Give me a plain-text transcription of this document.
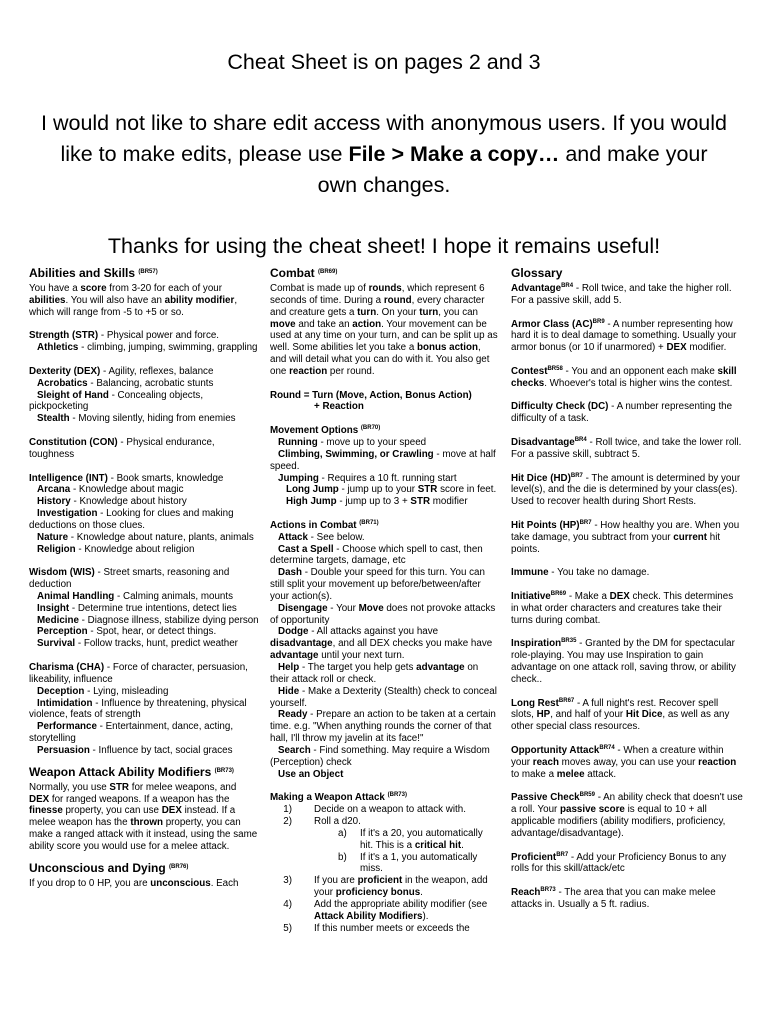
Cheat Sheet is on pages 2 and 3
I would not like to share edit access with anonymous users. If you would
like to make edits, please use File > Make a copy… and make your
own changes.
Thanks for using the cheat sheet! I hope it remains useful!
Abilities and Skills $^{(BR57)}$

You have a score from 3-20 for each of your abilities. You will also have an ability modifier, which will range from -5 to +5 or so.

Strength (STR) - Physical power and force.

Athletics - climbing, jumping, swimming, grappling

Dexterity (DEX) - Agility, reflexes, balance

Acrobatics - Balancing, acrobatic stunts

Sleight of Hand - Concealing objects, pickpocketing

Stealth - Moving silently, hiding from enemies

Constitution (CON) - Physical endurance, toughness

Intelligence (INT) - Book smarts, knowledge

Arcana - Knowledge about magic

History - Knowledge about history

Investigation - Looking for clues and making deductions on those clues.

Nature - Knowledge about nature, plants, animals

Religion - Knowledge about religion

Wisdom (WIS) - Street smarts, reasoning and deduction

Animal Handling - Calming animals, mounts

Insight - Determine true intentions, detect lies

Medicine - Diagnose illness, stabilize dying person

Perception - Spot, hear, or detect things.

Survival - Follow tracks, hunt, predict weather

Charisma (CHA) - Force of character, persuasion, likeability, influence

Deception - Lying, misleading

Intimidation - Influence by threatening, physical violence, feats of strength

Performance - Entertainment, dance, acting, storytelling

Persuasion - Influence by tact, social graces

Weapon Attack Ability Modifiers $^{(BR73)}$

Normally, you use STR for melee weapons, and DEX for ranged weapons. If a weapon has the finesse property, you can use DEX instead. If a melee weapon has the thrown property, you can make a ranged attack with it instead, using the same ability score you would use for a melee attack.

Unconscious and Dying $^{(BR76)}$

If you drop to 0 HP, you are unconscious. Each

Combat $^{(BR69)}$

Combat is made up of rounds, which represent 6 seconds of time. During a round, every character and creature gets a turn. On your turn, you can move and take an action. Your movement can be used at any time on your turn, and can be split up as well. Some abilities let you take a bonus action, and will detail what you can do with it. You also get one reaction per round.

Round = Turn (Move, Action, Bonus Action)

+ Reaction

Movement Options $^{(BR70)}$

Running - move up to your speed

Climbing, Swimming, or Crawling - move at half speed.

Jumping - Requires a 10 ft. running start

Long Jump - jump up to your STR score in feet.

High Jump - jump up to 3 + STR modifier

Actions in Combat $^{(BR71)}$

Attack - See below.

Cast a Spell - Choose which spell to cast, then determine targets, damage, etc

Dash - Double your speed for this turn. You can still split your movement up before/between/after your action(s).

Disengage - Your Move does not provoke attacks of opportunity

Dodge - All attacks against you have disadvantage, and all DEX checks you make have advantage until your next turn.

Help - The target you help gets advantage on their attack roll or check.

Hide - Make a Dexterity (Stealth) check to conceal yourself.

Ready - Prepare an action to be taken at a certain time. e.g. "When anything rounds the corner of that hall, I'll throw my javelin at its face!"

Search - Find something. May require a Wisdom (Perception) check

Use an Object

Making a Weapon Attack $^{(BR73)}$

1)	Decide on a weapon to attack with.
2)	Roll a d20.
a)	If it's a 20, you automatically hit. This is a critical hit.
b)	If it's a 1, you automatically miss.
3)	If you are proficient in the weapon, add your proficiency bonus.
4)	Add the appropriate ability modifier (see Attack Ability Modifiers).
5)	If this number meets or exceeds the
Glossary

Advantage$^{BR4}$ - Roll twice, and take the higher roll. For a passive skill, add 5.

Armor Class (AC)$^{BR9}$ - A number representing how hard it is to deal damage to something. Usually your armor bonus (or 10 if unarmored) + DEX modifier.

Contest$^{BR58}$ - You and an opponent each make skill checks. Whoever's total is higher wins the contest.

Difficulty Check (DC) - A number representing the difficulty of a task.

Disadvantage$^{BR4}$ - Roll twice, and take the lower roll. For a passive skill, subtract 5.

Hit Dice (HD)$^{BR7}$ - The amount is determined by your level(s), and the die is determined by your class(es). Used to recover health during Short Rests.

Hit Points (HP)$^{BR7}$ - How healthy you are. When you take damage, you subtract from your current hit points.

Immune - You take no damage.

Initiative$^{BR69}$ - Make a DEX check. This determines in what order characters and creatures take their turns during combat.

Inspiration$^{BR35}$ - Granted by the DM for spectacular role-playing. You may use Inspiration to gain advantage on one attack roll, saving throw, or ability check..

Long Rest$^{BR67}$ - A full night's rest. Recover spell slots, HP, and half of your Hit Dice, as well as any other special class resources.

Opportunity Attack$^{BR74}$ - When a creature within your reach moves away, you can use your reaction to make a melee attack.

Passive Check$^{BR59}$ - An ability check that doesn't use a roll. Your passive score is equal to 10 + all applicable modifiers (ability modifiers, proficiency, advantage/disadvantage).

Proficient$^{BR7}$ - Add your Proficiency Bonus to any rolls for this skill/attack/etc

Reach$^{BR73}$ - The area that you can make melee attacks in. Usually a 5 ft. radius.
